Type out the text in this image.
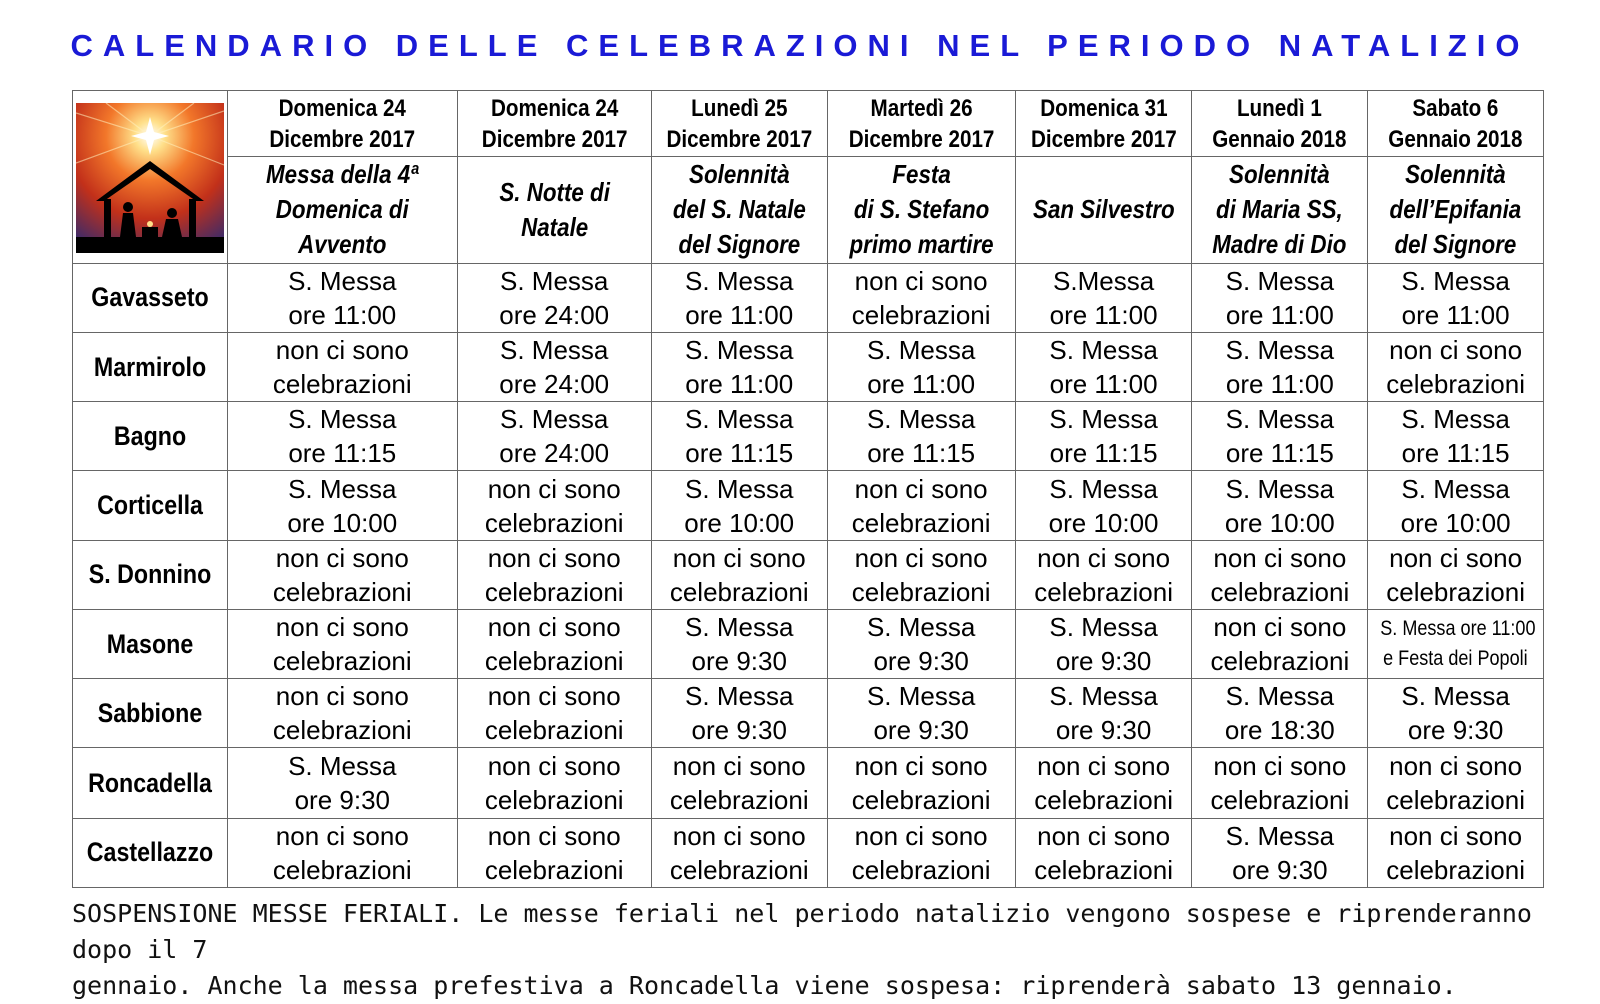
CALENDARIO DELLE CELEBRAZIONI NEL PERIODO NATALIZIO

Domenica 24
Dicembre 2017	Domenica 24
Dicembre 2017	Lunedì 25
Dicembre 2017	Martedì 26
Dicembre 2017	Domenica 31
Dicembre 2017	Lunedì 1
Gennaio 2018	Sabato 6
Gennaio 2018

	Messa della 4ª
Domenica di
Avvento	S. Notte di
Natale	Solennità
del S. Natale
del Signore	Festa
di S. Stefano
primo martire	San Silvestro	Solennità
di Maria SS,
Madre di Dio	Solennità
dell’Epifania
del Signore

Gavasseto	S. Messa
ore 11:00	S. Messa
ore 24:00	S. Messa
ore 11:00	non ci sono
celebrazioni	S.Messa
ore 11:00	S. Messa
ore 11:00	S. Messa
ore 11:00

Marmirolo	non ci sono
celebrazioni	S. Messa
ore 24:00	S. Messa
ore 11:00	S. Messa
ore 11:00	S. Messa
ore 11:00	S. Messa
ore 11:00	non ci sono
celebrazioni

Bagno	S. Messa
ore 11:15	S. Messa
ore 24:00	S. Messa
ore 11:15	S. Messa
ore 11:15	S. Messa
ore 11:15	S. Messa
ore 11:15	S. Messa
ore 11:15

Corticella	S. Messa
ore 10:00	non ci sono
celebrazioni	S. Messa
ore 10:00	non ci sono
celebrazioni	S. Messa
ore 10:00	S. Messa
ore 10:00	S. Messa
ore 10:00

S. Donnino	non ci sono
celebrazioni	non ci sono
celebrazioni	non ci sono
celebrazioni	non ci sono
celebrazioni	non ci sono
celebrazioni	non ci sono
celebrazioni	non ci sono
celebrazioni

Masone	non ci sono
celebrazioni	non ci sono
celebrazioni	S. Messa
ore 9:30	S. Messa
ore 9:30	S. Messa
ore 9:30	non ci sono
celebrazioni	S. Messa ore 11:00
e Festa dei Popoli

Sabbione	non ci sono
celebrazioni	non ci sono
celebrazioni	S. Messa
ore 9:30	S. Messa
ore 9:30	S. Messa
ore 9:30	S. Messa
ore 18:30	S. Messa
ore 9:30

Roncadella	S. Messa
ore 9:30	non ci sono
celebrazioni	non ci sono
celebrazioni	non ci sono
celebrazioni	non ci sono
celebrazioni	non ci sono
celebrazioni	non ci sono
celebrazioni

Castellazzo	non ci sono
celebrazioni	non ci sono
celebrazioni	non ci sono
celebrazioni	non ci sono
celebrazioni	non ci sono
celebrazioni	S. Messa
ore 9:30	non ci sono
celebrazioni
SOSPENSIONE MESSE FERIALI. Le messe feriali nel periodo natalizio vengono sospese e riprenderanno dopo il 7
gennaio. Anche la messa prefestiva a Roncadella viene sospesa: riprenderà sabato 13 gennaio.
